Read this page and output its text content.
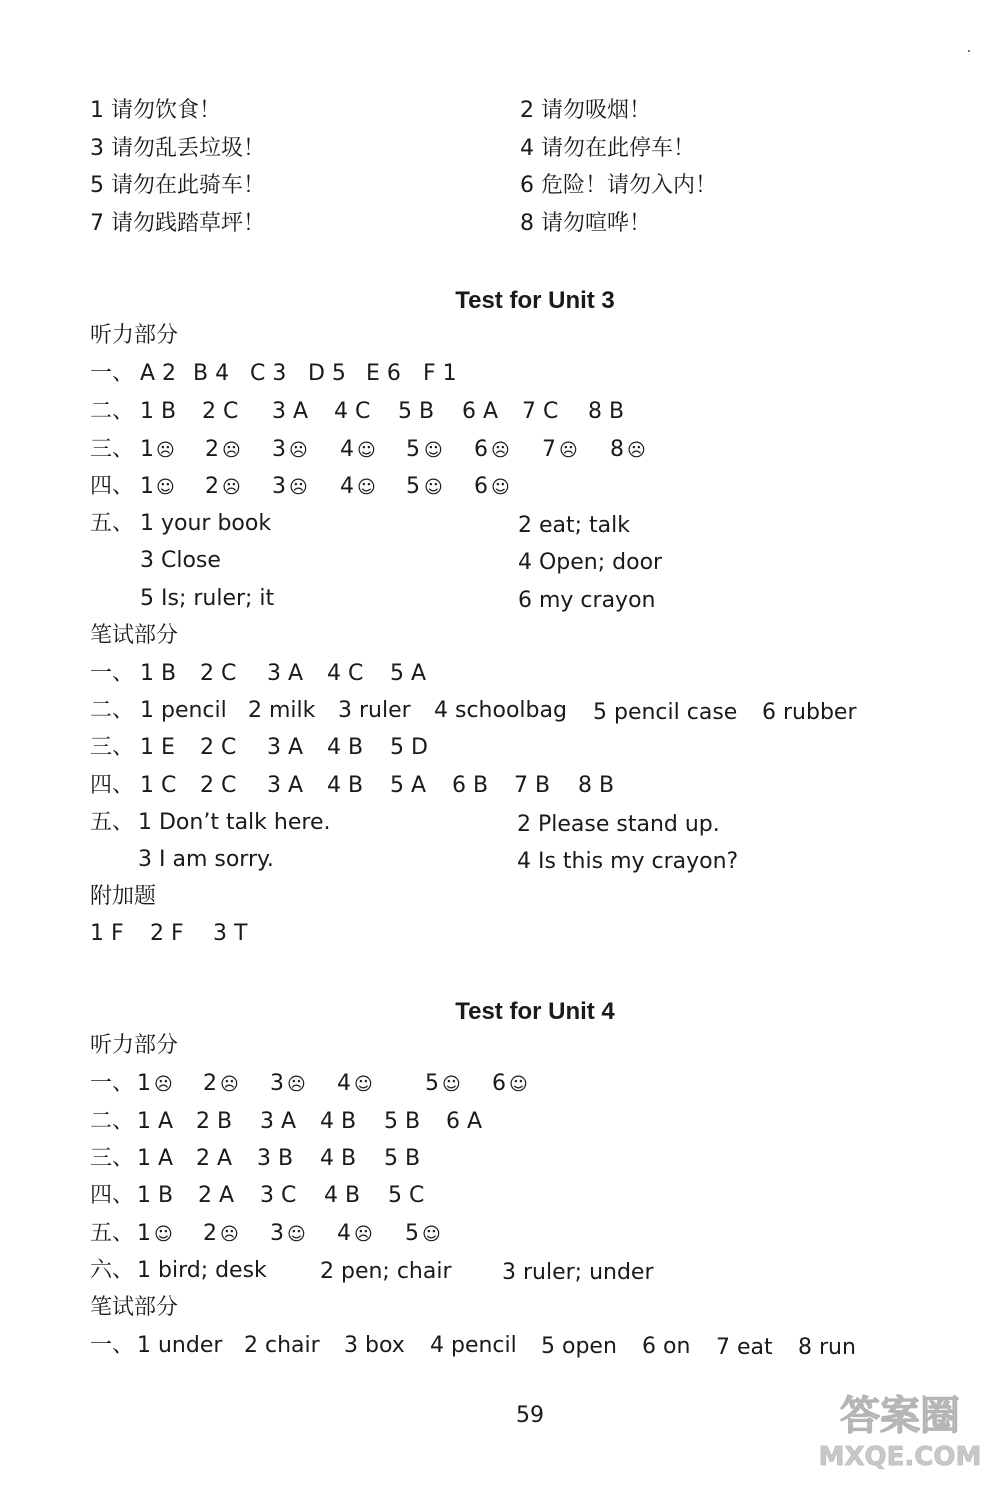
1 请勿饮食！	2 请勿吸烟！
3 请勿乱丢垃圾！	4 请勿在此停车！
5 请勿在此骑车！	6 危险！请勿入内！
7 请勿践踏草坪！	8 请勿喧哗！
Test for Unit 3
听力部分
一、 A 2 B 4 C 3 D 5 E 6 F 1
二、 1 B 2 C 3 A 4 C 5 B 6 A 7 C 8 B
三、 1 ☹ 2 ☹ 3 ☹ 4 ☺ 5 ☺ 6 ☹ 7 ☹ 8 ☹
四、 1 ☺ 2 ☹ 3 ☹ 4 ☺ 5 ☺ 6 ☺
五、 1 your book	2 eat; talk
3 Close	4 Open; door
5 Is; ruler; it	6 my crayon
笔试部分
一、 1 B 2 C 3 A 4 C 5 A
二、 1 pencil 2 milk 3 ruler 4 schoolbag 5 pencil case 6 rubber
三、 1 E 2 C 3 A 4 B 5 D
四、 1 C 2 C 3 A 4 B 5 A 6 B 7 B 8 B
五、 1 Don’t talk here.	2 Please stand up.
3 I am sorry.	4 Is this my crayon?
附加题
1 F 2 F 3 T
Test for Unit 4
听力部分
一、 1 ☹ 2 ☹ 3 ☹ 4 ☺ 5 ☺ 6 ☺
二、 1 A 2 B 3 A 4 B 5 B 6 A
三、 1 A 2 A 3 B 4 B 5 B
四、 1 B 2 A 3 C 4 B 5 C
五、 1 ☺ 2 ☹ 3 ☺ 4 ☹ 5 ☺
六、 1 bird; desk 2 pen; chair 3 ruler; under
笔试部分
一、 1 under 2 chair 3 box 4 pencil 5 open 6 on 7 eat 8 run
59	答案圈
MXQE.COM
